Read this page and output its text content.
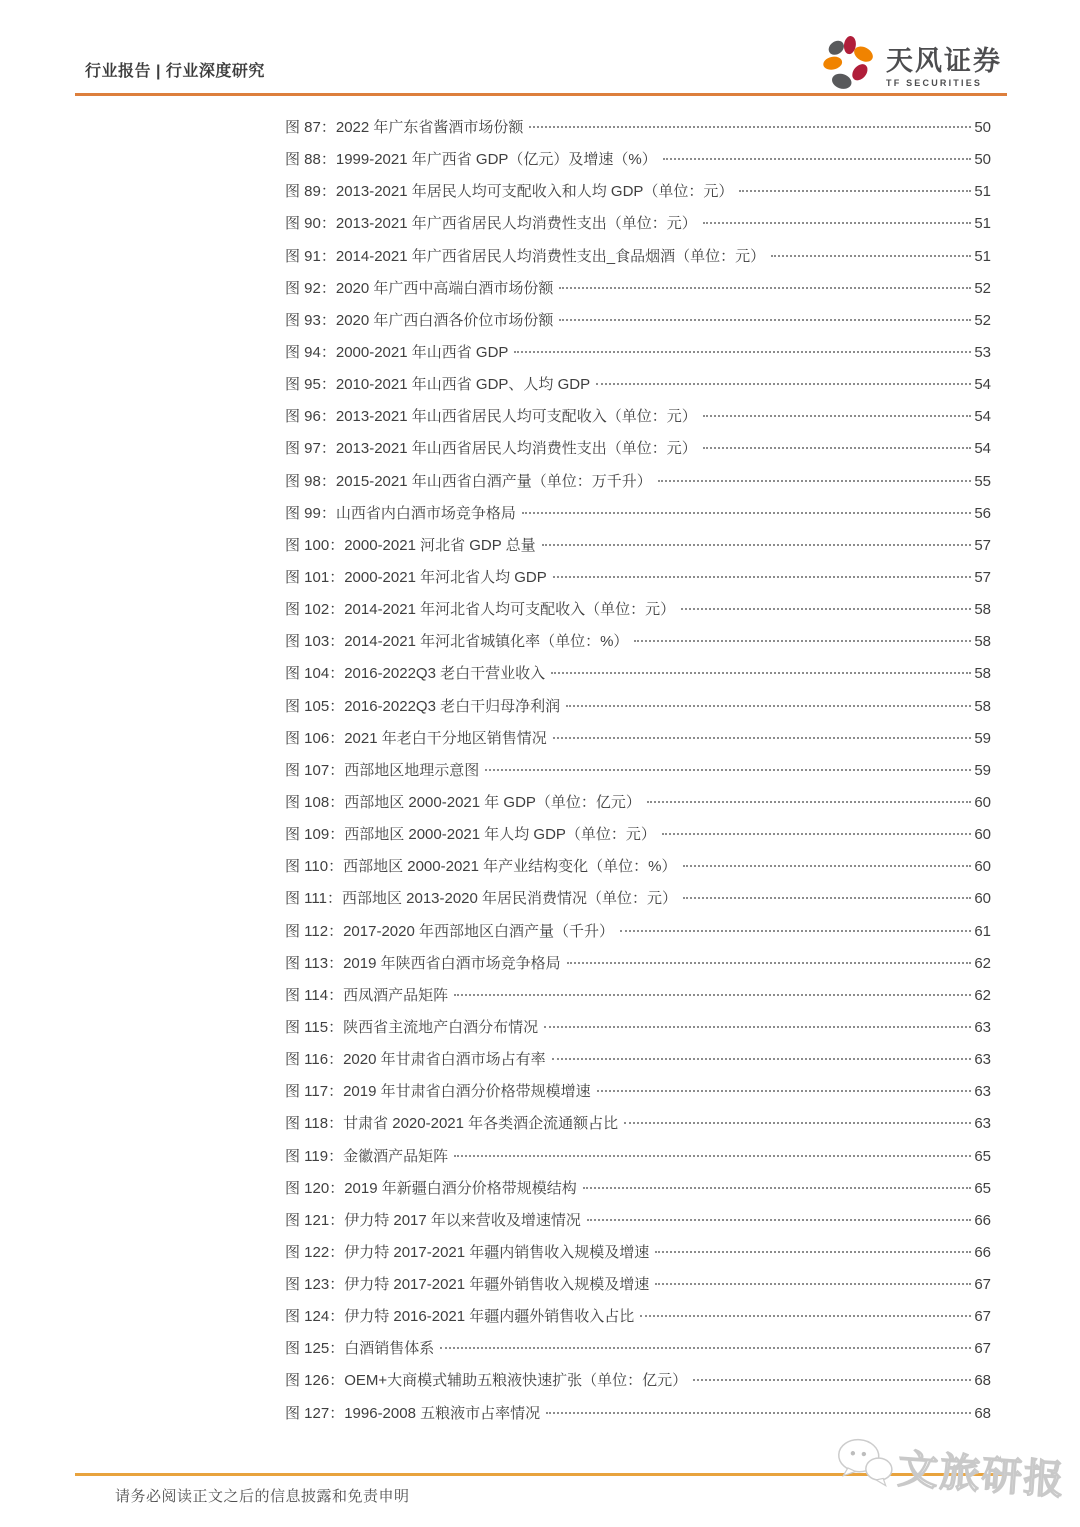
行业报告 | 行业深度研究	天风证券
TF SECURITIES
图 87：2022 年广东省酱酒市场份额	50
图 88：1999-2021 年广西省 GDP（亿元）及增速（%）	50
图 89：2013-2021 年居民人均可支配收入和人均 GDP（单位：元）	51
图 90：2013-2021 年广西省居民人均消费性支出（单位：元）	51
图 91：2014-2021 年广西省居民人均消费性支出_食品烟酒（单位：元）	51
图 92：2020 年广西中高端白酒市场份额	52
图 93：2020 年广西白酒各价位市场份额	52
图 94：2000-2021 年山西省 GDP	53
图 95：2010-2021 年山西省 GDP、人均 GDP	54
图 96：2013-2021 年山西省居民人均可支配收入（单位：元）	54
图 97：2013-2021 年山西省居民人均消费性支出（单位：元）	54
图 98：2015-2021 年山西省白酒产量（单位：万千升）	55
图 99：山西省内白酒市场竞争格局	56
图 100：2000-2021 河北省 GDP 总量	57
图 101：2000-2021 年河北省人均 GDP	57
图 102：2014-2021 年河北省人均可支配收入（单位：元）	58
图 103：2014-2021 年河北省城镇化率（单位：%）	58
图 104：2016-2022Q3 老白干营业收入	58
图 105：2016-2022Q3 老白干归母净利润	58
图 106：2021 年老白干分地区销售情况	59
图 107：西部地区地理示意图	59
图 108：西部地区 2000-2021 年 GDP（单位：亿元）	60
图 109：西部地区 2000-2021 年人均 GDP（单位：元）	60
图 110：西部地区 2000-2021 年产业结构变化（单位：%）	60
图 111：西部地区 2013-2020 年居民消费情况（单位：元）	60
图 112：2017-2020 年西部地区白酒产量（千升）	61
图 113：2019 年陕西省白酒市场竞争格局	62
图 114：西凤酒产品矩阵	62
图 115：陕西省主流地产白酒分布情况	63
图 116：2020 年甘肃省白酒市场占有率	63
图 117：2019 年甘肃省白酒分价格带规模增速	63
图 118：甘肃省 2020-2021 年各类酒企流通额占比	63
图 119：金徽酒产品矩阵	65
图 120：2019 年新疆白酒分价格带规模结构	65
图 121：伊力特 2017 年以来营收及增速情况	66
图 122：伊力特 2017-2021 年疆内销售收入规模及增速	66
图 123：伊力特 2017-2021 年疆外销售收入规模及增速	67
图 124：伊力特 2016-2021 年疆内疆外销售收入占比	67
图 125：白酒销售体系	67
图 126：OEM+大商模式辅助五粮液快速扩张（单位：亿元）	68
图 127：1996-2008 五粮液市占率情况	68
请务必阅读正文之后的信息披露和免责申明	文旅研报
